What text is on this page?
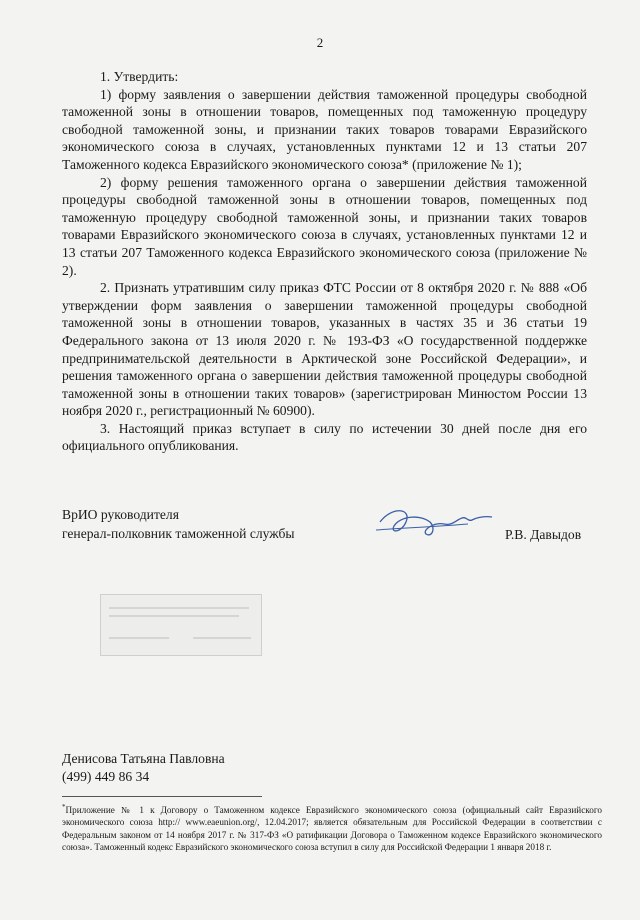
2

1. Утвердить:

1) форму заявления о завершении действия таможенной процедуры свободной таможенной зоны в отношении товаров, помещенных под таможенную процедуру свободной таможенной зоны, и признании таких товаров товарами Евразийского экономического союза в случаях, установленных пунктами 12 и 13 статьи 207 Таможенного кодекса Евразийского экономического союза* (приложение № 1);

2) форму решения таможенного органа о завершении действия таможенной процедуры свободной таможенной зоны в отношении товаров, помещенных под таможенную процедуру свободной таможенной зоны, и признании таких товаров товарами Евразийского экономического союза в случаях, установленных пунктами 12 и 13 статьи 207 Таможенного кодекса Евразийского экономического союза (приложение № 2).

2. Признать утратившим силу приказ ФТС России от 8 октября 2020 г. № 888 «Об утверждении форм заявления о завершении таможенной процедуры свободной таможенной зоны в отношении товаров, указанных в частях 35 и 36 статьи 19 Федерального закона от 13 июля 2020 г. № 193-ФЗ «О государственной поддержке предпринимательской деятельности в Арктической зоне Российской Федерации», и решения таможенного органа о завершении действия таможенной процедуры свободной таможенной зоны в отношении таких товаров» (зарегистрирован Минюстом России 13 ноября 2020 г., регистрационный № 60900).

3. Настоящий приказ вступает в силу по истечении 30 дней после дня его официального опубликования.

ВрИО руководителя
генерал-полковник таможенной службы	Р.В. Давыдов
Денисова Татьяна Павловна
(499) 449 86 34
*Приложение № 1 к Договору о Таможенном кодексе Евразийского экономического союза (официальный сайт Евразийского экономического союза http:// www.eaeunion.org/, 12.04.2017; является обязательным для Российской Федерации в соответствии с Федеральным законом от 14 ноября 2017 г. № 317-ФЗ «О ратификации Договора о Таможенном кодексе Евразийского экономического союза». Таможенный кодекс Евразийского экономического союза вступил в силу для Российской Федерации 1 января 2018 г.
